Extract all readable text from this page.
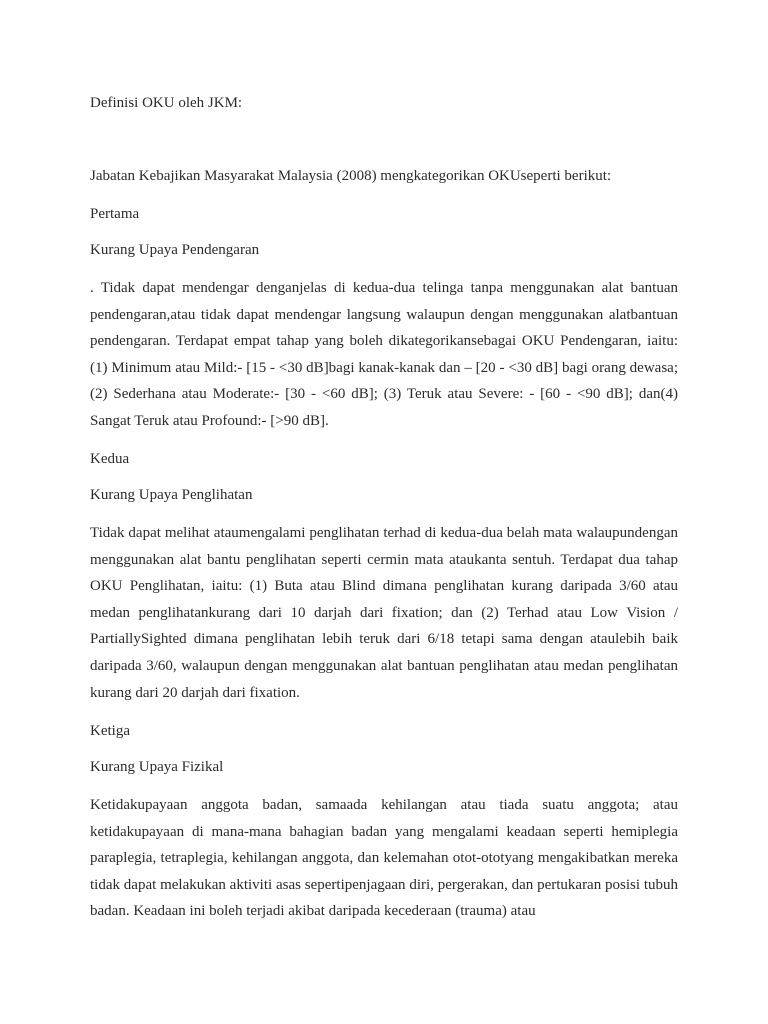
Definisi OKU oleh JKM:
Jabatan Kebajikan Masyarakat Malaysia (2008) mengkategorikan OKUseperti berikut:
Pertama
Kurang Upaya Pendengaran

. Tidak dapat mendengar denganjelas di kedua-dua telinga tanpa menggunakan alat bantuan pendengaran,atau tidak dapat mendengar langsung walaupun dengan menggunakan alatbantuan pendengaran. Terdapat empat tahap yang boleh dikategorikansebagai OKU Pendengaran, iaitu: (1) Minimum atau Mild:- [15 - <30 dB]bagi kanak-kanak dan – [20 - <30 dB] bagi orang dewasa; (2) Sederhana atau Moderate:- [30 - <60 dB]; (3) Teruk atau Severe: - [60 - <90 dB]; dan(4) Sangat Teruk atau Profound:- [>90 dB].

Kedua
Kurang Upaya Penglihatan

Tidak dapat melihat ataumengalami penglihatan terhad di kedua-dua belah mata walaupundengan menggunakan alat bantu penglihatan seperti cermin mata ataukanta sentuh. Terdapat dua tahap OKU Penglihatan, iaitu: (1) Buta atau Blind dimana penglihatan kurang daripada 3/60 atau medan penglihatankurang dari 10 darjah dari fixation; dan (2) Terhad atau Low Vision / PartiallySighted dimana penglihatan lebih teruk dari 6/18 tetapi sama dengan ataulebih baik daripada 3/60, walaupun dengan menggunakan alat bantuan penglihatan atau medan penglihatan kurang dari 20 darjah dari fixation.

Ketiga
Kurang Upaya Fizikal

Ketidakupayaan anggota badan, samaada kehilangan atau tiada suatu anggota; atau ketidakupayaan di mana-mana bahagian badan yang mengalami keadaan seperti hemiplegia paraplegia, tetraplegia, kehilangan anggota, dan kelemahan otot-ototyang mengakibatkan mereka tidak dapat melakukan aktiviti asas sepertipenjagaan diri, pergerakan, dan pertukaran posisi tubuh badan. Keadaan ini boleh terjadi akibat daripada kecederaan (trauma) atau
